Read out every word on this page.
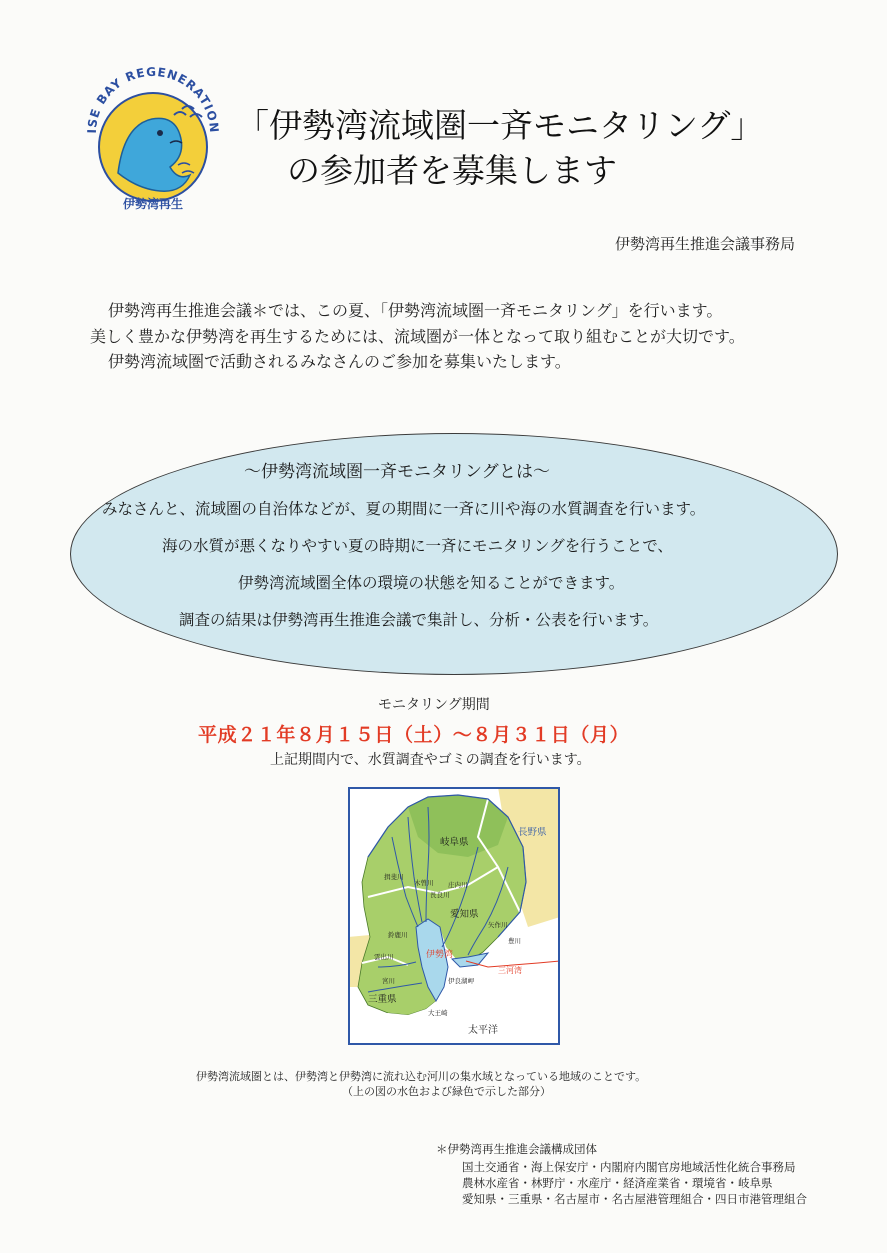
ISE BAY REGENERATION
伊勢湾再生
「伊勢湾流域圏一斉モニタリング」
の参加者を募集します
伊勢湾再生推進会議事務局
伊勢湾再生推進会議＊では、この夏、「伊勢湾流域圏一斉モニタリング」を行います。
美しく豊かな伊勢湾を再生するためには、流域圏が一体となって取り組むことが大切です。
伊勢湾流域圏で活動されるみなさんのご参加を募集いたします。
～伊勢湾流域圏一斉モニタリングとは～
みなさんと、流域圏の自治体などが、夏の期間に一斉に川や海の水質調査を行います。
海の水質が悪くなりやすい夏の時期に一斉にモニタリングを行うことで、
伊勢湾流域圏全体の環境の状態を知ることができます。
調査の結果は伊勢湾再生推進会議で集計し、分析・公表を行います。
モニタリング期間
平成２１年８月１５日（土）～８月３１日（月）
上記期間内で、水質調査やゴミの調査を行います。
長野県
岐阜県
愛知県
三重県
伊勢湾
三河湾
太平洋
伊良湖岬
大王崎
木曽川
長良川
揖斐川
庄内川
矢作川
豊川
雲出川
宮川
鈴鹿川
伊勢湾流域圏とは、伊勢湾と伊勢湾に流れ込む河川の集水域となっている地域のことです。
（上の図の水色および緑色で示した部分）
＊伊勢湾再生推進会議構成団体
国土交通省・海上保安庁・内閣府内閣官房地域活性化統合事務局
農林水産省・林野庁・水産庁・経済産業省・環境省・岐阜県
愛知県・三重県・名古屋市・名古屋港管理組合・四日市港管理組合
